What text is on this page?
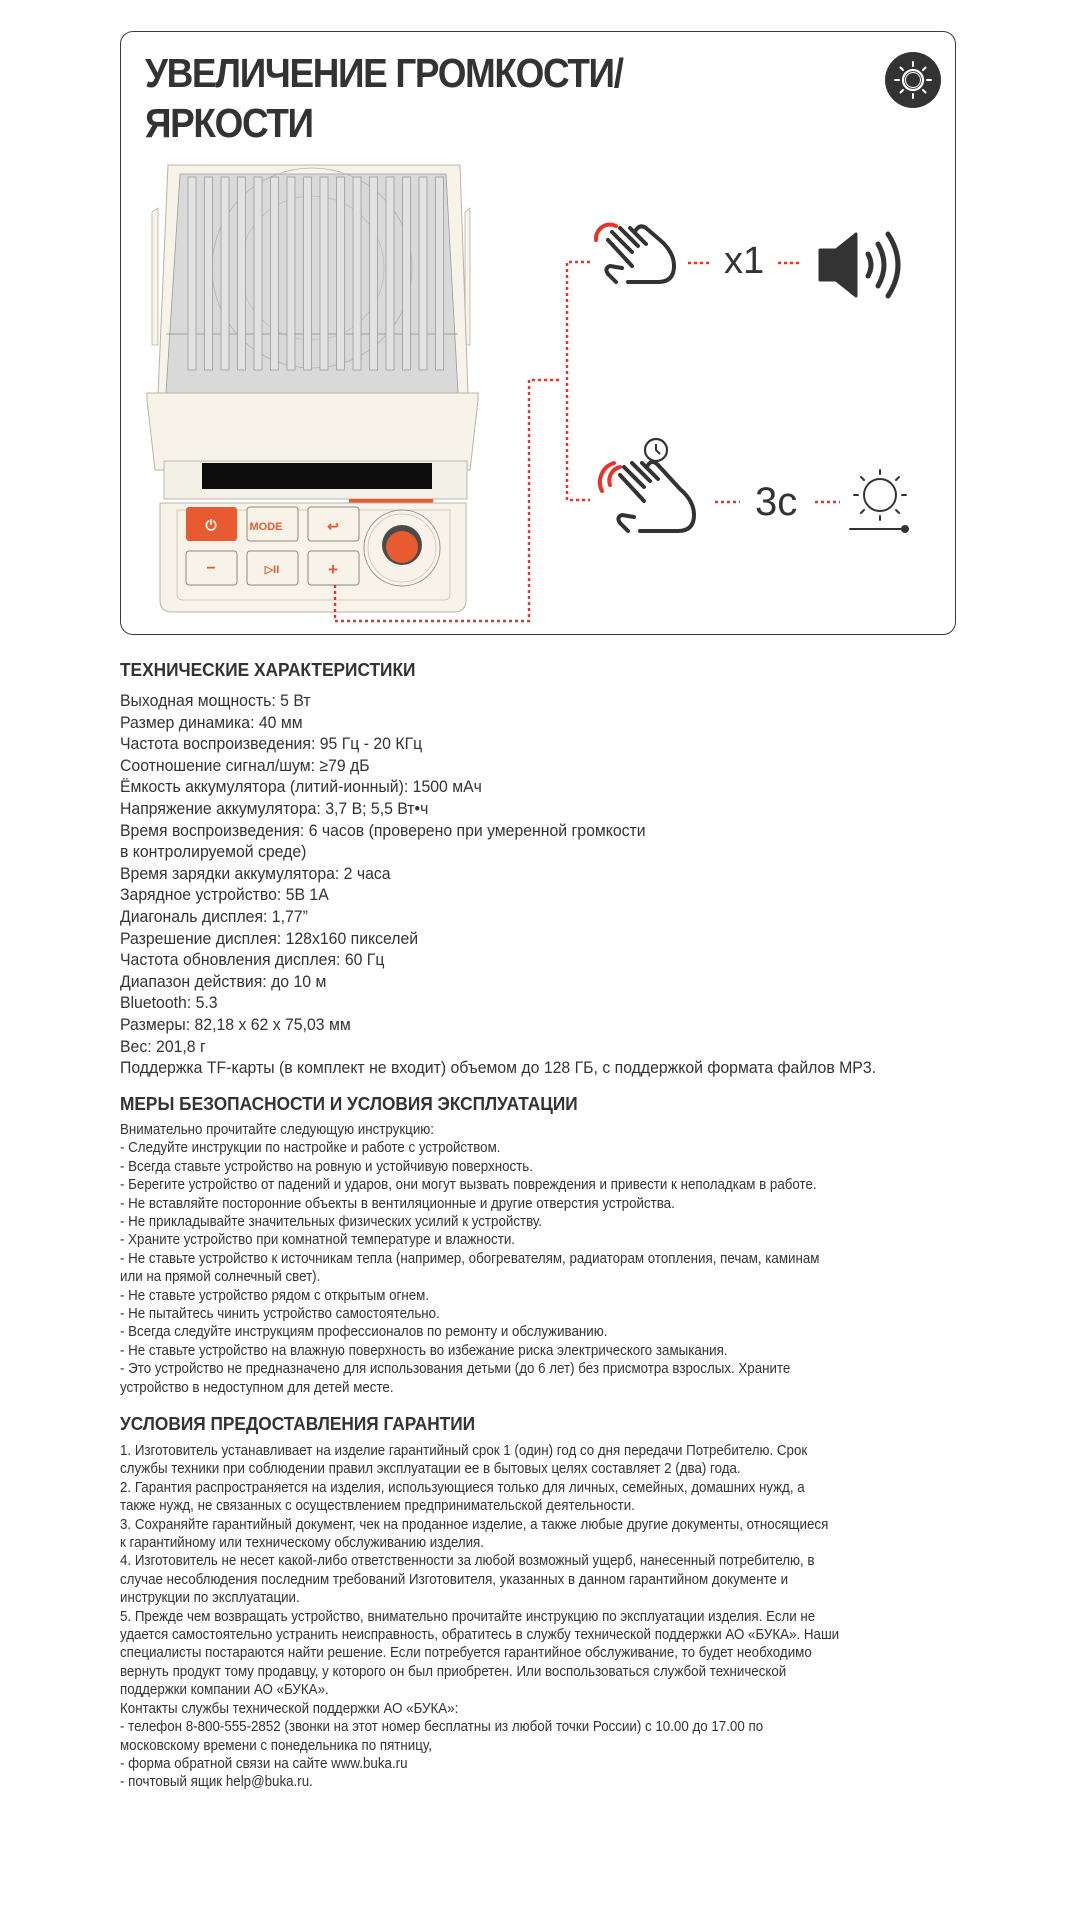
УВЕЛИЧЕНИЕ ГРОМКОСТИ/
ЯРКОСТИ
⏻	MODE	↩
−	▷II	+
x1
3с
ТЕХНИЧЕСКИЕ ХАРАКТЕРИСТИКИ
Выходная мощность: 5 Вт
Размер динамика: 40 мм
Частота воспроизведения: 95 Гц - 20 КГц
Соотношение сигнал/шум: ≥79 дБ
Ёмкость аккумулятора (литий-ионный): 1500 мАч
Напряжение аккумулятора: 3,7 В; 5,5 Вт•ч
Время воспроизведения: 6 часов (проверено при умеренной громкости
в контролируемой среде)
Время зарядки аккумулятора: 2 часа
Зарядное устройство: 5В 1А
Диагональ дисплея: 1,77”
Разрешение дисплея: 128х160 пикселей
Частота обновления дисплея: 60 Гц
Диапазон действия: до 10 м
Bluetooth: 5.3
Размеры: 82,18 х 62 х 75,03 мм
Вес: 201,8 г
Поддержка TF-карты (в комплект не входит) объемом до 128 ГБ, с поддержкой формата файлов MP3.
МЕРЫ БЕЗОПАСНОСТИ И УСЛОВИЯ ЭКСПЛУАТАЦИИ
Внимательно прочитайте следующую инструкцию:
- Следуйте инструкции по настройке и работе с устройством.
- Всегда ставьте устройство на ровную и устойчивую поверхность.
- Берегите устройство от падений и ударов, они могут вызвать повреждения и привести к неполадкам в работе.
- Не вставляйте посторонние объекты в вентиляционные и другие отверстия устройства.
- Не прикладывайте значительных физических усилий к устройству.
- Храните устройство при комнатной температуре и влажности.
- Не ставьте устройство к источникам тепла (например, обогревателям, радиаторам отопления, печам, каминам
или на прямой солнечный свет).
- Не ставьте устройство рядом с открытым огнем.
- Не пытайтесь чинить устройство самостоятельно.
- Всегда следуйте инструкциям профессионалов по ремонту и обслуживанию.
- Не ставьте устройство на влажную поверхность во избежание риска электрического замыкания.
- Это устройство не предназначено для использования детьми (до 6 лет) без присмотра взрослых. Храните
устройство в недоступном для детей месте.
УСЛОВИЯ ПРЕДОСТАВЛЕНИЯ ГАРАНТИИ
1. Изготовитель устанавливает на изделие гарантийный срок 1 (один) год со дня передачи Потребителю. Срок
службы техники при соблюдении правил эксплуатации ее в бытовых целях составляет 2 (два) года.
2. Гарантия распространяется на изделия, использующиеся только для личных, семейных, домашних нужд, а
также нужд, не связанных с осуществлением предпринимательской деятельности.
3. Сохраняйте гарантийный документ, чек на проданное изделие, а также любые другие документы, относящиеся
к гарантийному или техническому обслуживанию изделия.
4. Изготовитель не несет какой-либо ответственности за любой возможный ущерб, нанесенный потребителю, в
случае несоблюдения последним требований Изготовителя, указанных в данном гарантийном документе и
инструкции по эксплуатации.
5. Прежде чем возвращать устройство, внимательно прочитайте инструкцию по эксплуатации изделия. Если не
удается самостоятельно устранить неисправность, обратитесь в службу технической поддержки АО «БУКА». Наши
специалисты постараются найти решение. Если потребуется гарантийное обслуживание, то будет необходимо
вернуть продукт тому продавцу, у которого он был приобретен. Или воспользоваться службой технической
поддержки компании АО «БУКА».
Контакты службы технической поддержки АО «БУКА»:
- телефон 8-800-555-2852 (звонки на этот номер бесплатны из любой точки России) с 10.00 до 17.00 по
московскому времени с понедельника по пятницу,
- форма обратной связи на сайте www.buka.ru
- почтовый ящик help@buka.ru.
